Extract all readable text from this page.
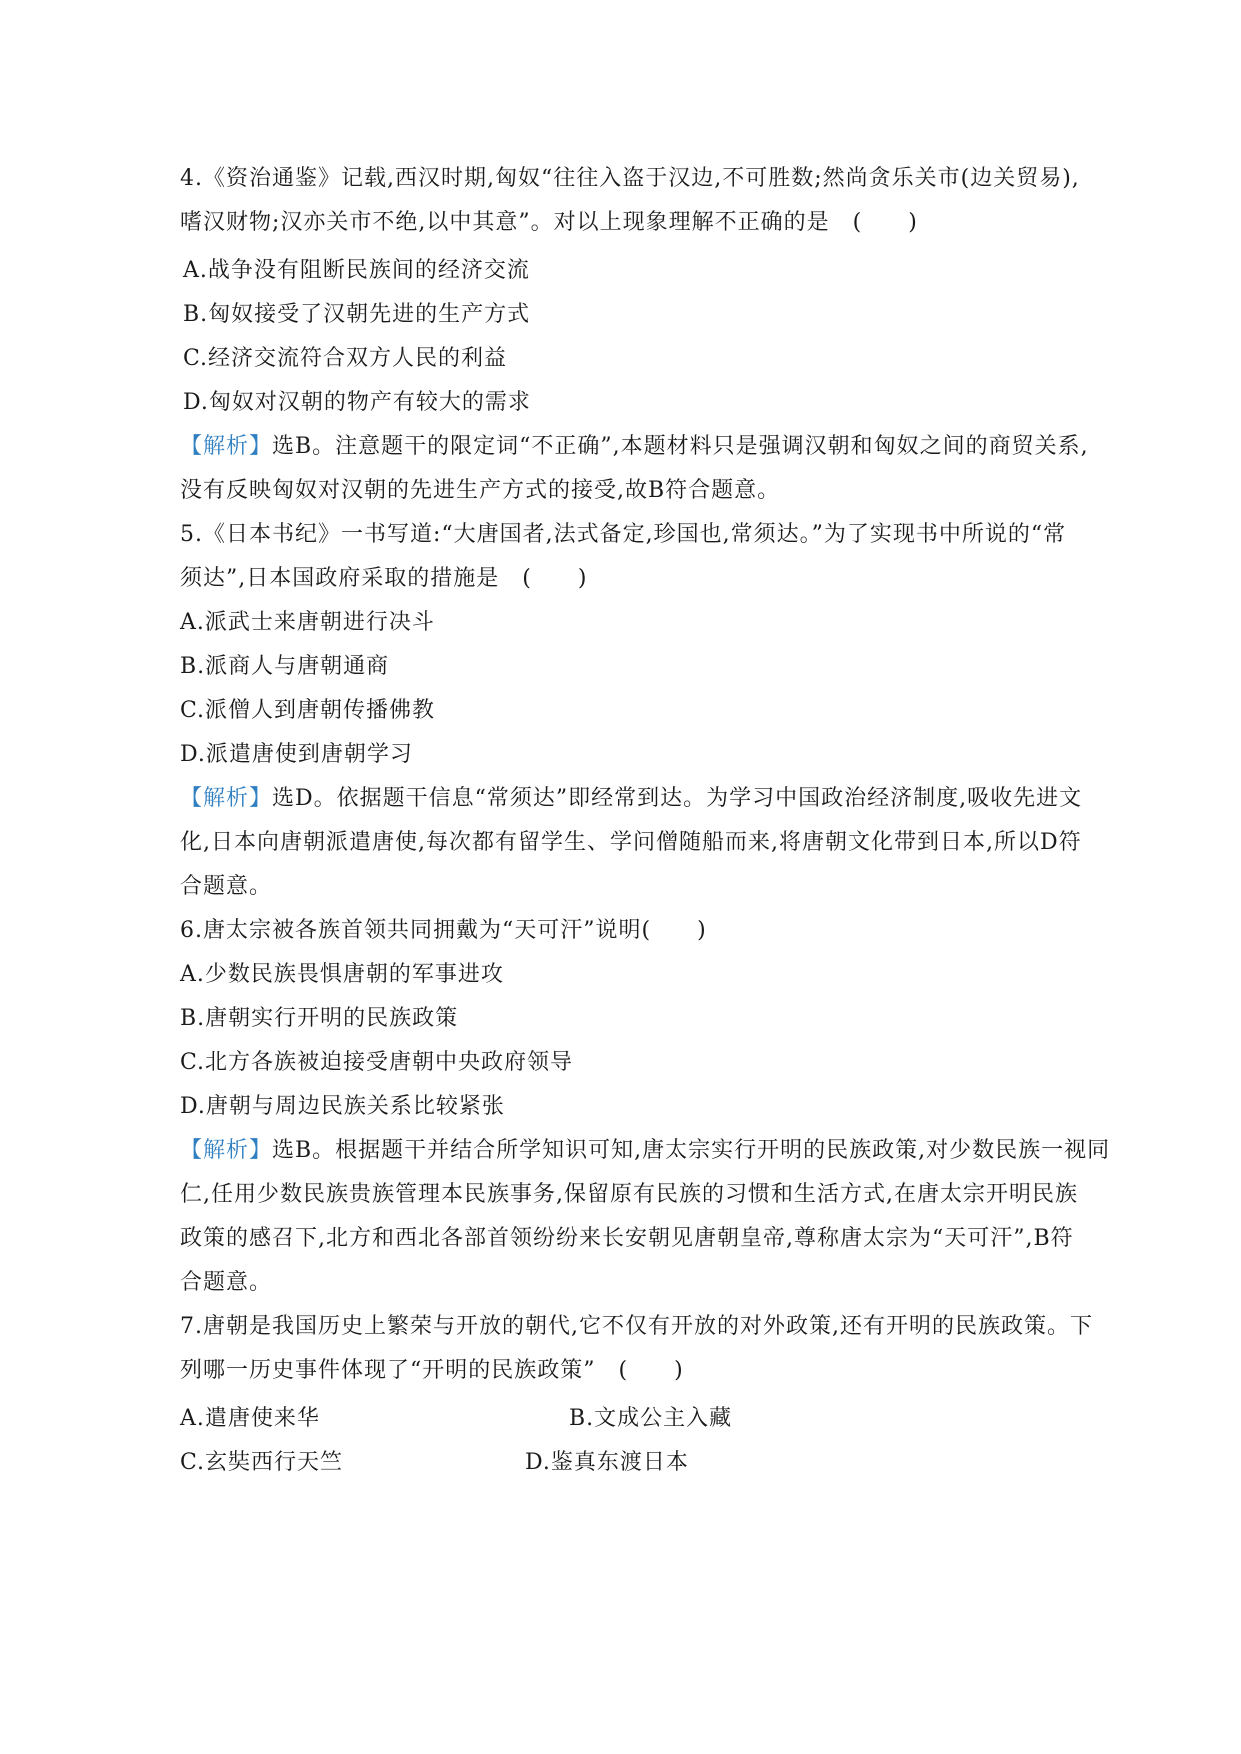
4.《资治通鉴》记载,西汉时期,匈奴“往往入盗于汉边,不可胜数;然尚贪乐关市(边关贸易),
嗜汉财物;汉亦关市不绝,以中其意”。对以上现象理解不正确的是　(　　)
A.战争没有阻断民族间的经济交流
B.匈奴接受了汉朝先进的生产方式
C.经济交流符合双方人民的利益
D.匈奴对汉朝的物产有较大的需求
【解析】选B。注意题干的限定词“不正确”,本题材料只是强调汉朝和匈奴之间的商贸关系,
没有反映匈奴对汉朝的先进生产方式的接受,故B符合题意。
5.《日本书纪》一书写道:“大唐国者,法式备定,珍国也,常须达。”为了实现书中所说的“常
须达”,日本国政府采取的措施是　(　　)
A.派武士来唐朝进行决斗
B.派商人与唐朝通商
C.派僧人到唐朝传播佛教
D.派遣唐使到唐朝学习
【解析】选D。依据题干信息“常须达”即经常到达。为学习中国政治经济制度,吸收先进文
化,日本向唐朝派遣唐使,每次都有留学生、学问僧随船而来,将唐朝文化带到日本,所以D符
合题意。
6.唐太宗被各族首领共同拥戴为“天可汗”说明(　　)
A.少数民族畏惧唐朝的军事进攻
B.唐朝实行开明的民族政策
C.北方各族被迫接受唐朝中央政府领导
D.唐朝与周边民族关系比较紧张
【解析】选B。根据题干并结合所学知识可知,唐太宗实行开明的民族政策,对少数民族一视同
仁,任用少数民族贵族管理本民族事务,保留原有民族的习惯和生活方式,在唐太宗开明民族
政策的感召下,北方和西北各部首领纷纷来长安朝见唐朝皇帝,尊称唐太宗为“天可汗”,B符
合题意。
7.唐朝是我国历史上繁荣与开放的朝代,它不仅有开放的对外政策,还有开明的民族政策。下
列哪一历史事件体现了“开明的民族政策”　(　　)
A.遣唐使来华	B.文成公主入藏
C.玄奘西行天竺	D.鉴真东渡日本
